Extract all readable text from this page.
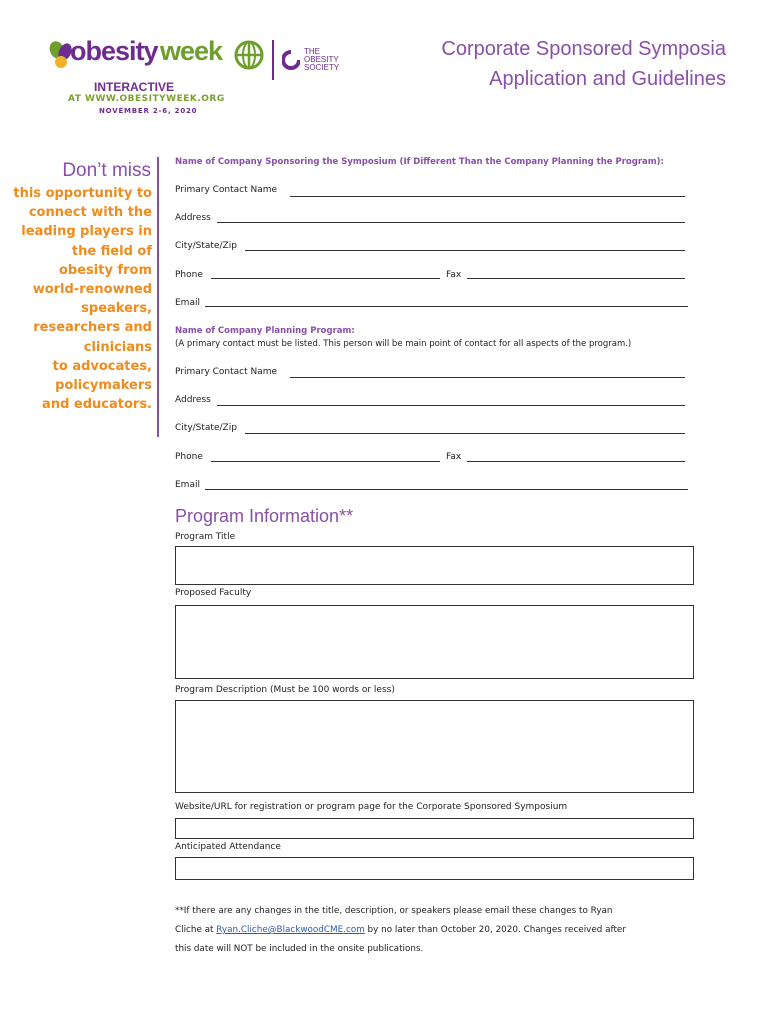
obesity week	THE
OBESITY
SOCIETY
INTERACTIVE
AT WWW.OBESITYWEEK.ORG
NOVEMBER 2-6, 2020
Corporate Sponsored Symposia
Application and Guidelines
Don’t miss
this opportunity to
connect with the
leading players in
the field of
obesity from
world-renowned
speakers,
researchers and
clinicians
to advocates,
policymakers
and educators.
Name of Company Sponsoring the Symposium (If Different Than the Company Planning the Program):
Primary Contact Name
Address
City/State/Zip
Phone	Fax
Email
Name of Company Planning Program:
(A primary contact must be listed. This person will be main point of contact for all aspects of the program.)
Primary Contact Name
Address
City/State/Zip
Phone	Fax
Email
Program Information**
Program Title
Proposed Faculty
Program Description (Must be 100 words or less)
Website/URL for registration or program page for the Corporate Sponsored Symposium
Anticipated Attendance
**If there are any changes in the title, description, or speakers please email these changes to Ryan
Cliche at Ryan.Cliche@BlackwoodCME.com by no later than October 20, 2020. Changes received after
this date will NOT be included in the onsite publications.
